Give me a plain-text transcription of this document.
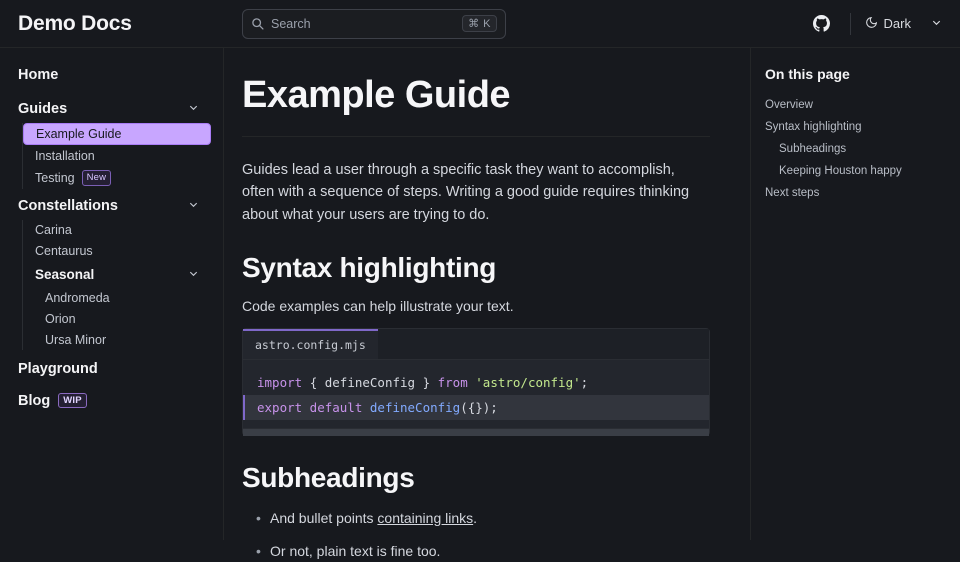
Demo Docs	Search	⌘ K	Dark
Home
Guides
Example Guide
Installation
Testing	New
Constellations
Carina
Centaurus
Seasonal
Andromeda
Orion
Ursa Minor
Playground
Blog	WIP
Example Guide
Guides lead a user through a specific task they want to accomplish, often with a sequence of steps. Writing a good guide requires thinking about what your users are trying to do.
Syntax highlighting
Code examples can help illustrate your text.
astro.config.mjs
import { defineConfig } from 'astro/config';
export default defineConfig({});
Subheadings
• And bullet points containing links.
• Or not, plain text is fine too.
On this page
Overview
Syntax highlighting
Subheadings
Keeping Houston happy
Next steps
